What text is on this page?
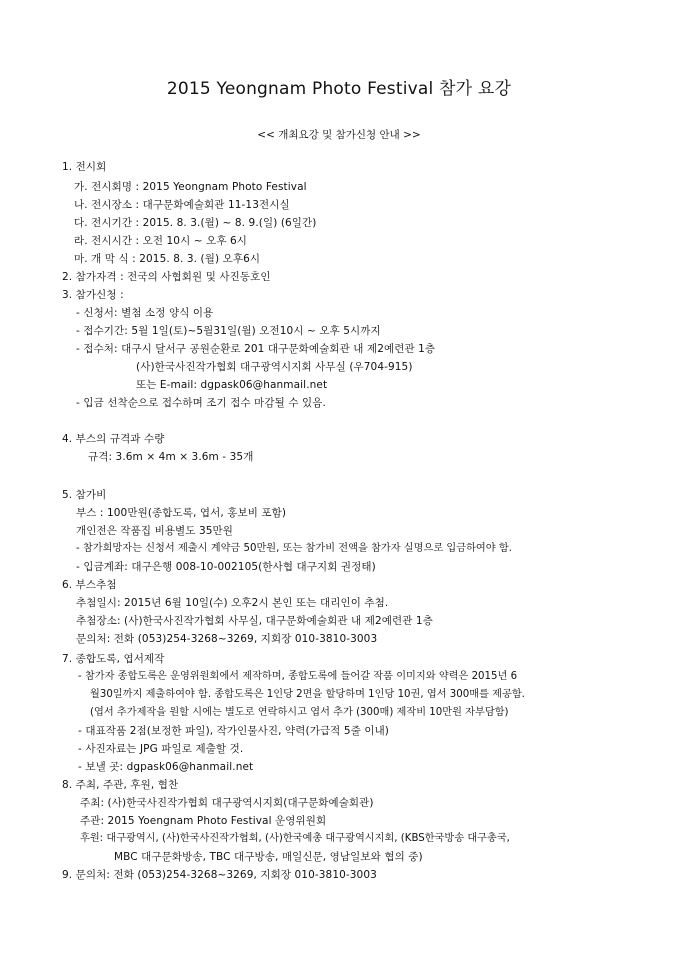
2015 Yeongnam Photo Festival 참가 요강
<< 개최요강 및 참가신청 안내 >>
1. 전시회
가. 전시회명 : 2015 Yeongnam Photo Festival
나. 전시장소 : 대구문화예술회관 11-13전시실
다. 전시기간 : 2015. 8. 3.(월) ~ 8. 9.(일) (6일간)
라. 전시시간 : 오전 10시 ~ 오후 6시
마. 개 막 식 : 2015. 8. 3. (월) 오후6시
2. 참가자격 : 전국의 사협회원 및 사진동호인
3. 참가신청 :
- 신청서: 별첨 소정 양식 이용
- 접수기간: 5월 1일(토)~5월31일(월) 오전10시 ~ 오후 5시까지
- 접수처: 대구시 달서구 공원순환로 201 대구문화예술회관 내 제2예련관 1층
(사)한국사진작가협회 대구광역시지회 사무실 (우704-915)
또는 E-mail: dgpask06@hanmail.net
- 입금 선착순으로 접수하며 조기 접수 마감될 수 있음.
4. 부스의 규격과 수량
규격: 3.6m × 4m × 3.6m - 35개
5. 참가비
부스 : 100만원(종합도록, 엽서, 홍보비 포함)
개인전은 작품집 비용별도 35만원
- 참가희망자는 신청서 제출시 계약금 50만원, 또는 참가비 전액을 참가자 실명으로 입금하여야 함.
- 입금계좌: 대구은행 008-10-002105(한사협 대구지회 권정태)
6. 부스추첨
추첨일시: 2015년 6월 10일(수) 오후2시 본인 또는 대리인이 추첨.
추첨장소: (사)한국사진작가협회 사무실, 대구문화예술회관 내 제2예련관 1층
문의처: 전화 (053)254-3268~3269, 지회장 010-3810-3003
7. 종합도록, 엽서제작
- 참가자 종합도록은 운영위원회에서 제작하며, 종합도록에 들어갈 작품 이미지와 약력은 2015년 6
월30일까지 제출하여야 함. 종합도록은 1인당 2면을 할당하며 1인당 10권, 엽서 300매를 제공함.
(엽서 추가제작을 원할 시에는 별도로 연락하시고 엽서 추가 (300매) 제작비 10만원 자부담함)
- 대표작품 2점(보정한 파일), 작가인물사진, 약력(가급적 5줄 이내)
- 사진자료는 JPG 파일로 제출할 것.
- 보낼 곳: dgpask06@hanmail.net
8. 주최, 주관, 후원, 협찬
주최: (사)한국사진작가협회 대구광역시지회(대구문화예술회관)
주관: 2015 Yoengnam Photo Festival 운영위원회
후원: 대구광역시, (사)한국사진작가협회, (사)한국예총 대구광역시지회, (KBS한국방송 대구총국,
MBC 대구문화방송, TBC 대구방송, 매일신문, 영남일보와 협의 중)
9. 문의처: 전화 (053)254-3268~3269, 지회장 010-3810-3003
